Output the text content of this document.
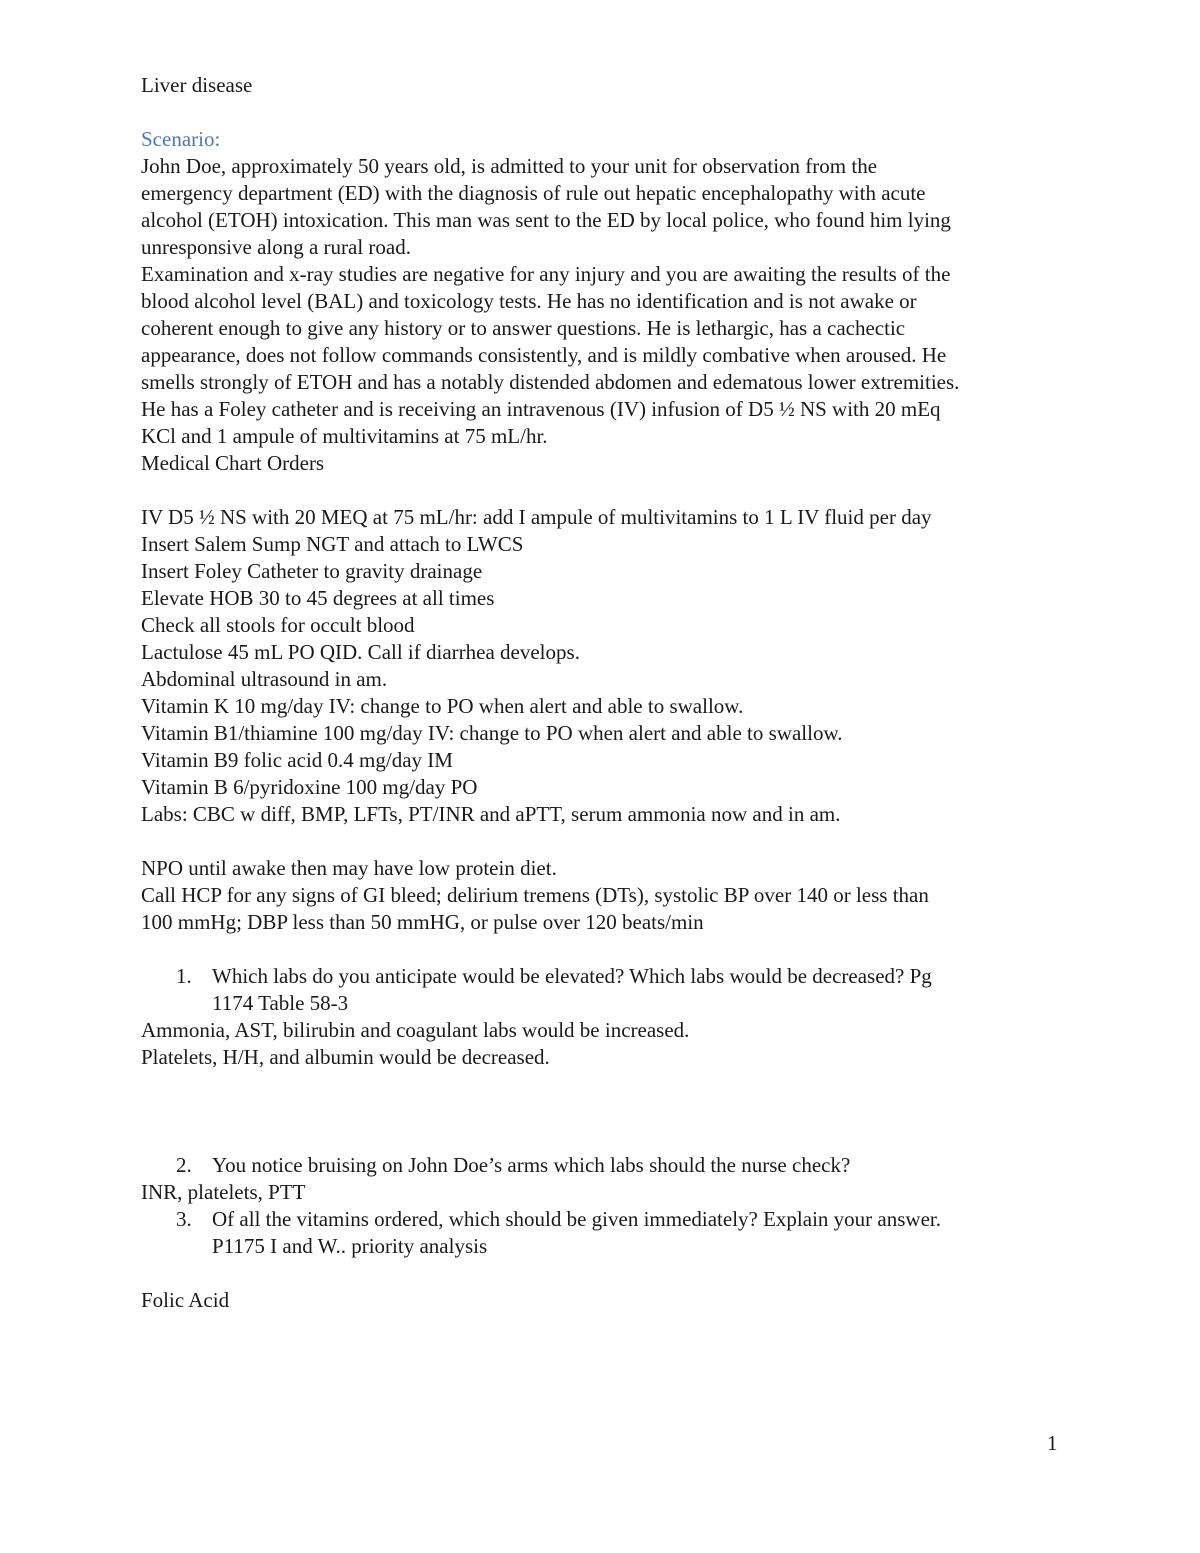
Liver disease
Scenario:
John Doe, approximately 50 years old, is admitted to your unit for observation from the
emergency department (ED) with the diagnosis of rule out hepatic encephalopathy with acute
alcohol (ETOH) intoxication. This man was sent to the ED by local police, who found him lying
unresponsive along a rural road.
Examination and x-ray studies are negative for any injury and you are awaiting the results of the
blood alcohol level (BAL) and toxicology tests. He has no identification and is not awake or
coherent enough to give any history or to answer questions. He is lethargic, has a cachectic
appearance, does not follow commands consistently, and is mildly combative when aroused. He
smells strongly of ETOH and has a notably distended abdomen and edematous lower extremities.
He has a Foley catheter and is receiving an intravenous (IV) infusion of D5 ½ NS with 20 mEq
KCl and 1 ampule of multivitamins at 75 mL/hr.
Medical Chart Orders
IV D5 ½ NS with 20 MEQ at 75 mL/hr: add I ampule of multivitamins to 1 L IV fluid per day
Insert Salem Sump NGT and attach to LWCS
Insert Foley Catheter to gravity drainage
Elevate HOB 30 to 45 degrees at all times
Check all stools for occult blood
Lactulose 45 mL PO QID. Call if diarrhea develops.
Abdominal ultrasound in am.
Vitamin K 10 mg/day IV: change to PO when alert and able to swallow.
Vitamin B1/thiamine 100 mg/day IV: change to PO when alert and able to swallow.
Vitamin B9 folic acid 0.4 mg/day IM
Vitamin B 6/pyridoxine 100 mg/day PO
Labs: CBC w diff, BMP, LFTs, PT/INR and aPTT, serum ammonia now and in am.
NPO until awake then may have low protein diet.
Call HCP for any signs of GI bleed; delirium tremens (DTs), systolic BP over 140 or less than
100 mmHg; DBP less than 50 mmHG, or pulse over 120 beats/min
1. Which labs do you anticipate would be elevated? Which labs would be decreased? Pg
1174 Table 58-3
Ammonia, AST, bilirubin and coagulant labs would be increased.
Platelets, H/H, and albumin would be decreased.
2. You notice bruising on John Doe’s arms which labs should the nurse check?
INR, platelets, PTT
3. Of all the vitamins ordered, which should be given immediately? Explain your answer.
P1175 I and W.. priority analysis
Folic Acid
1
